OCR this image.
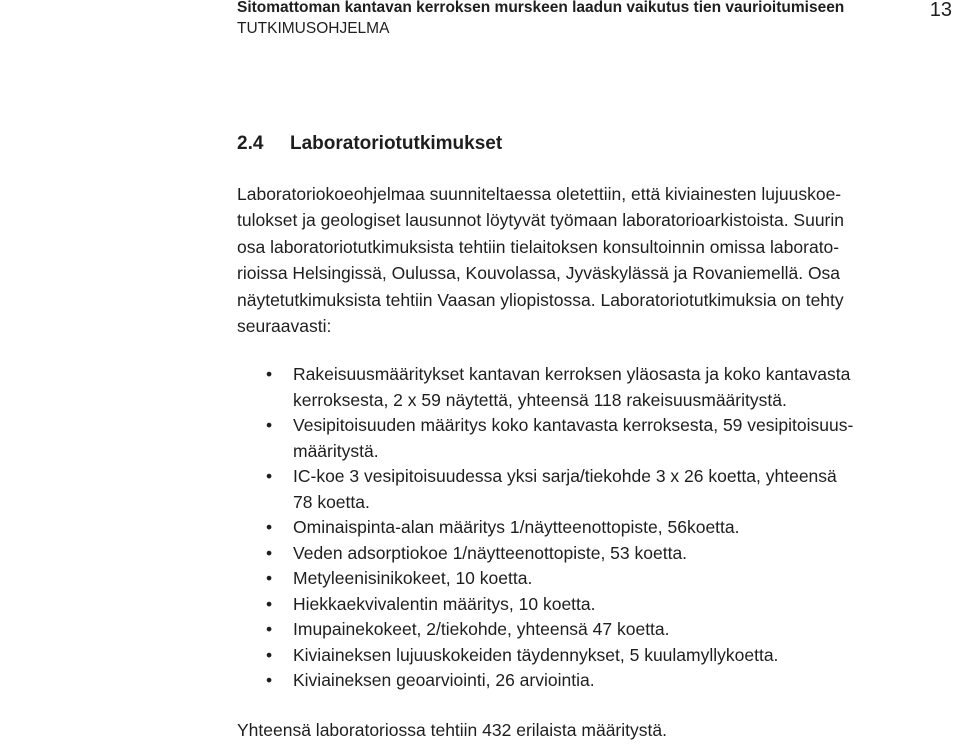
Sitomattoman kantavan kerroksen murskeen laadun vaikutus tien vaurioitumiseen
TUTKIMUSOHJELMA
13
2.4 Laboratoriotutkimukset
Laboratoriokoeohjelmaa suunniteltaessa oletettiin, että kiviainesten lujuuskoe-
tulokset ja geologiset lausunnot löytyvät työmaan laboratorioarkistoista. Suurin
osa laboratoriotutkimuksista tehtiin tielaitoksen konsultoinnin omissa laborato-
rioissa Helsingissä, Oulussa, Kouvolassa, Jyväskylässä ja Rovaniemellä. Osa
näytetutkimuksista tehtiin Vaasan yliopistossa. Laboratoriotutkimuksia on tehty
seuraavasti:
• Rakeisuusmääritykset kantavan kerroksen yläosasta ja koko kantavasta
kerroksesta, 2 x 59 näytettä, yhteensä 118 rakeisuusmääritystä.
• Vesipitoisuuden määritys koko kantavasta kerroksesta, 59 vesipitoisuus-
määritystä.
• IC-koe 3 vesipitoisuudessa yksi sarja/tiekohde 3 x 26 koetta, yhteensä
78 koetta.
• Ominaispinta-alan määritys 1/näytteenottopiste, 56koetta.
• Veden adsorptiokoe 1/näytteenottopiste, 53 koetta.
• Metyleenisinikokeet, 10 koetta.
• Hiekkaekvivalentin määritys, 10 koetta.
• Imupainekokeet, 2/tiekohde, yhteensä 47 koetta.
• Kiviaineksen lujuuskokeiden täydennykset, 5 kuulamyllykoetta.
• Kiviaineksen geoarviointi, 26 arviointia.
Yhteensä laboratoriossa tehtiin 432 erilaista määritystä.
